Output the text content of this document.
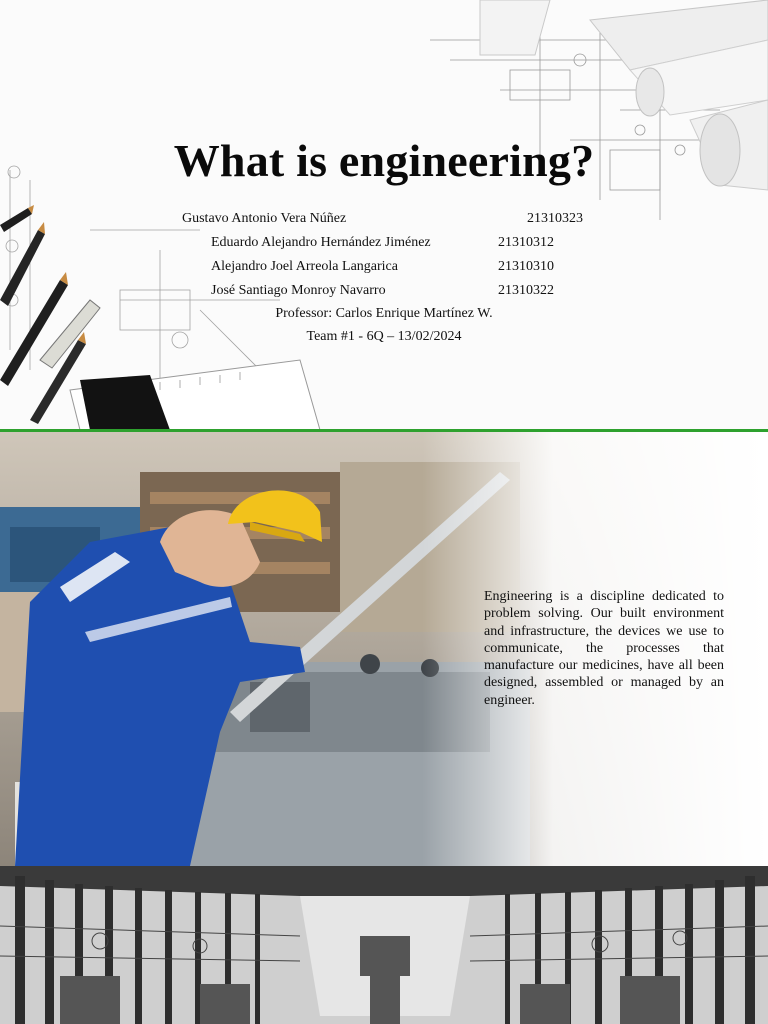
What is engineering?
Gustavo Antonio Vera Núñez	21310323
Eduardo Alejandro Hernández Jiménez	21310312
Alejandro Joel Arreola Langarica	21310310
José Santiago Monroy Navarro	21310322
Professor: Carlos Enrique Martínez W.
Team #1 - 6Q – 13/02/2024

Engineering is a discipline dedicated to problem solving. Our built environment and infrastructure, the devices we use to communicate, the processes that manufacture our medicines, have all been designed, assembled or managed by an engineer.
